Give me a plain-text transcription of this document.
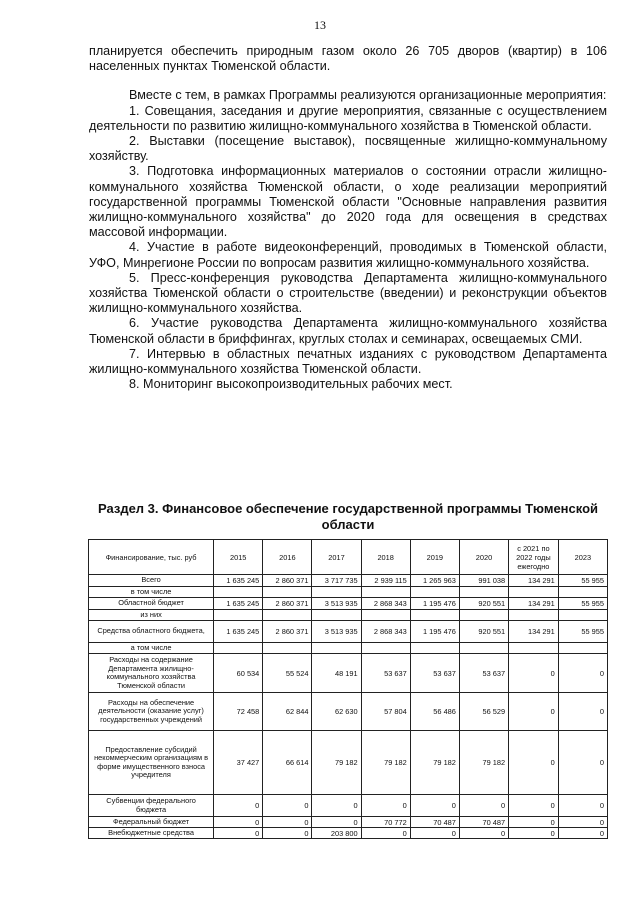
13

планируется обеспечить природным газом около 26 705 дворов (квартир) в 106 населенных пунктах Тюменской области.

Вместе с тем, в рамках Программы реализуются организационные мероприятия:

1. Совещания, заседания и другие мероприятия, связанные с осуществлением деятельности по развитию жилищно-коммунального хозяйства в Тюменской области.

2. Выставки (посещение выставок), посвященные жилищно-коммунальному хозяйству.

3. Подготовка информационных материалов о состоянии отрасли жилищно-коммунального хозяйства Тюменской области, о ходе реализации мероприятий государственной программы Тюменской области "Основные направления развития жилищно-коммунального хозяйства" до 2020 года для освещения в средствах массовой информации.

4. Участие в работе видеоконференций, проводимых в Тюменской области, УФО, Минрегионе России по вопросам развития жилищно-коммунального хозяйства.

5. Пресс-конференция руководства Департамента жилищно-коммунального хозяйства Тюменской области о строительстве (введении) и реконструкции объектов жилищно-коммунального хозяйства.

6. Участие руководства Департамента жилищно-коммунального хозяйства Тюменской области в бриффингах, круглых столах и семинарах, освещаемых СМИ.

7. Интервью в областных печатных изданиях с руководством Департамента жилищно-коммунального хозяйства Тюменской области.

8. Мониторинг высокопроизводительных рабочих мест.

Раздел 3. Финансовое обеспечение государственной программы Тюменской области
Финансирование, тыс. руб	2015	2016	2017	2018	2019	2020	с 2021 по 2022 годы ежегодно	2023
Всего	1 635 245	2 860 371	3 717 735	2 939 115	1 265 963	991 038	134 291	55 955
в том числе								
Областной бюджет	1 635 245	2 860 371	3 513 935	2 868 343	1 195 476	920 551	134 291	55 955
из них								
Средства областного бюджета,	1 635 245	2 860 371	3 513 935	2 868 343	1 195 476	920 551	134 291	55 955
а том числе								
Расходы на содержание Департамента жилищно-коммунального хозяйства Тюменской области	60 534	55 524	48 191	53 637	53 637	53 637	0	0
Расходы на обеспечение деятельности (оказание услуг) государственных учреждений	72 458	62 844	62 630	57 804	56 486	56 529	0	0
Предоставление субсидий некоммерческим организациям в форме имущественного взноса учредителя	37 427	66 614	79 182	79 182	79 182	79 182	0	0
Субвенции федерального бюджета	0	0	0	0	0	0	0	0
Федеральный бюджет	0	0	0	70 772	70 487	70 487	0	0
Внебюджетные средства	0	0	203 800	0	0	0	0	0
